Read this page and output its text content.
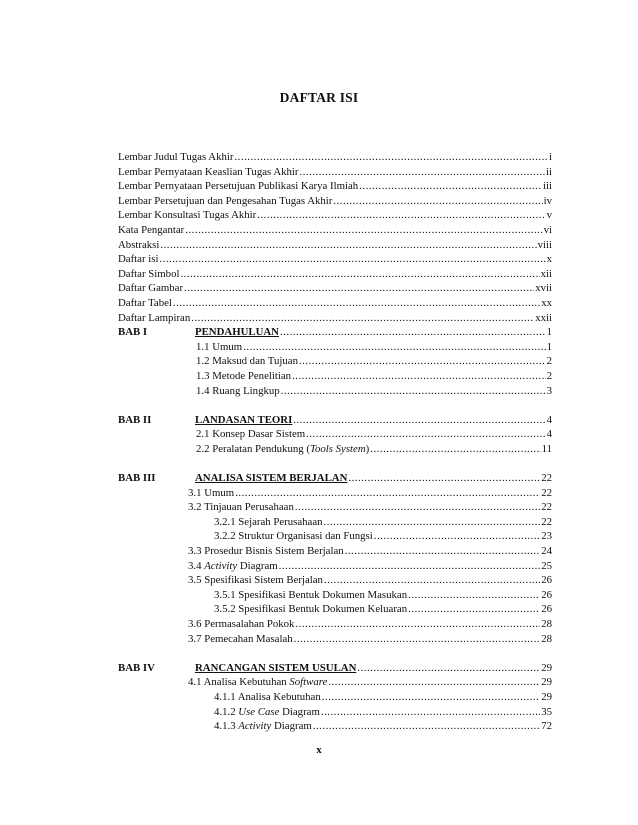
DAFTAR ISI
Lembar Judul Tugas Akhir .....	i
Lembar Pernyataan Keaslian Tugas Akhir .....	ii
Lembar Pernyataan Persetujuan Publikasi Karya Ilmiah .....	iii
Lembar Persetujuan dan Pengesahan Tugas Akhir .....	iv
Lembar Konsultasi Tugas Akhir .....	v
Kata Pengantar .....	vi
Abstraksi .....	viii
Daftar isi .....	x
Daftar Simbol .....	xii
Daftar Gambar .....	xvii
Daftar Tabel .....	xx
Daftar Lampiran .....	xxii
BAB I	PENDAHULUAN .....	1
1.1 Umum .....	1
1.2 Maksud dan Tujuan .....	2
1.3 Metode Penelitian .....	2
1.4 Ruang Lingkup .....	3
BAB II	LANDASAN TEORI .....	4
2.1 Konsep Dasar Sistem .....	4
2.2 Peralatan Pendukung (Tools System) .....	11
BAB III	ANALISA SISTEM BERJALAN .....	22
3.1 Umum .....	22
3.2 Tinjauan Perusahaan .....	22
3.2.1 Sejarah Perusahaan .....	22
3.2.2 Struktur Organisasi dan Fungsi .....	23
3.3 Prosedur Bisnis Sistem Berjalan .....	24
3.4 Activity Diagram .....	25
3.5 Spesifikasi Sistem Berjalan .....	26
3.5.1 Spesifikasi Bentuk Dokumen Masukan .....	26
3.5.2 Spesifikasi Bentuk Dokumen Keluaran .....	26
3.6 Permasalahan Pokok .....	28
3.7 Pemecahan Masalah .....	28
BAB IV	RANCANGAN SISTEM USULAN .....	29
4.1 Analisa Kebutuhan Software .....	29
4.1.1 Analisa Kebutuhan .....	29
4.1.2 Use Case Diagram .....	35
4.1.3 Activity Diagram .....	72
x
